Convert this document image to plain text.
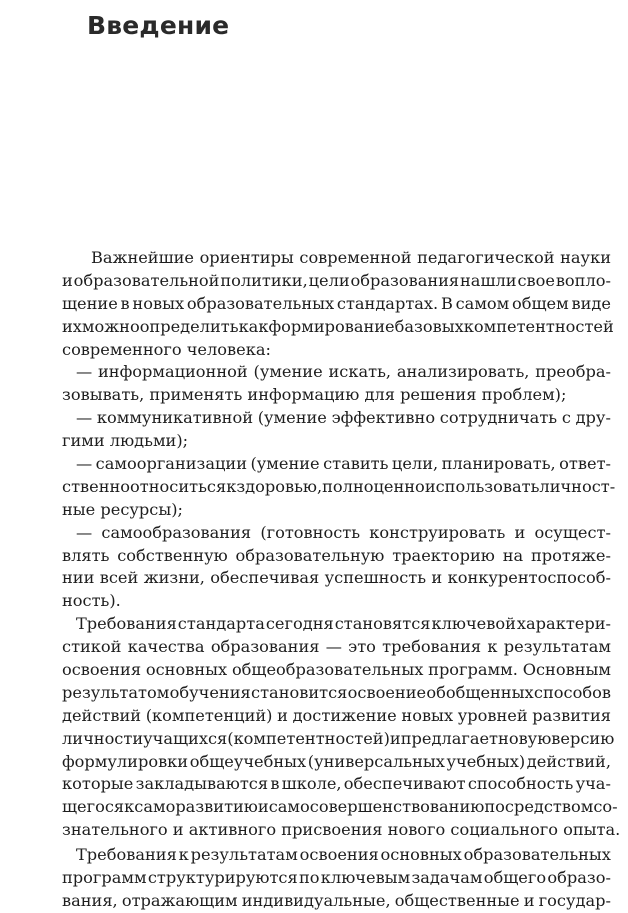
Введение
Важнейшие ориентиры современной педагогической науки
и образовательной политики, цели образования нашли свое вопло-
щение в новых образовательных стандартах. В самом общем виде
их можно определить как формирование базовых компетентностей
современного человека:
— информационной (умение искать, анализировать, преобра-
зовывать, применять информацию для решения проблем);
— коммуникативной (умение эффективно сотрудничать с дру-
гими людьми);
— самоорганизации (умение ставить цели, планировать, ответ-
ственно относиться к здоровью, полноценно использовать личност-
ные ресурсы);
— самообразования (готовность конструировать и осущест-
влять собственную образовательную траекторию на протяже-
нии всей жизни, обеспечивая успешность и конкурентоспособ-
ность).
Требования стандарта сегодня становятся ключевой характери-
стикой качества образования — это требования к результатам
освоения основных общеобразовательных программ. Основным
результатом обучения становится освоение обобщенных способов
действий (компетенций) и достижение новых уровней развития
личности учащихся (компетентностей) и предлагает новую версию
формулировки общеучебных (универсальных учебных) действий,
которые закладываются в школе, обеспечивают способность уча-
щегося к саморазвитию и самосовершенствованию посредством со-
знательного и активного присвоения нового социального опыта.
Требования к результатам освоения основных образовательных
программ структурируются по ключевым задачам общего образо-
вания, отражающим индивидуальные, общественные и государ-
